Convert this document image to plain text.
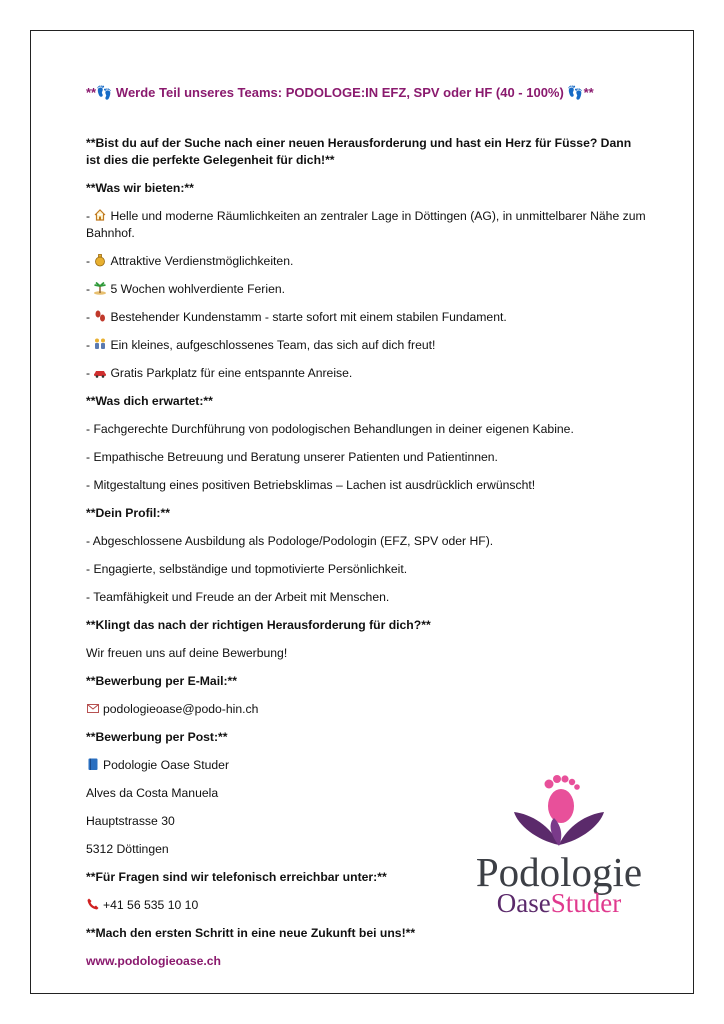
**👣 Werde Teil unseres Teams: PODOLOGE:IN EFZ, SPV oder HF (40 - 100%) 👣**
**Bist du auf der Suche nach einer neuen Herausforderung und hast ein Herz für Füsse? Dann ist dies die perfekte Gelegenheit für dich!**
**Was wir bieten:**
- Helle und moderne Räumlichkeiten an zentraler Lage in Döttingen (AG), in unmittelbarer Nähe zum Bahnhof.
- Attraktive Verdienstmöglichkeiten.
- 5 Wochen wohlverdiente Ferien.
- Bestehender Kundenstamm - starte sofort mit einem stabilen Fundament.
- Ein kleines, aufgeschlossenes Team, das sich auf dich freut!
- Gratis Parkplatz für eine entspannte Anreise.
**Was dich erwartet:**
- Fachgerechte Durchführung von podologischen Behandlungen in deiner eigenen Kabine.
- Empathische Betreuung und Beratung unserer Patienten und Patientinnen.
- Mitgestaltung eines positiven Betriebsklimas – Lachen ist ausdrücklich erwünscht!
**Dein Profil:**
- Abgeschlossene Ausbildung als Podologe/Podologin (EFZ, SPV oder HF).
- Engagierte, selbständige und topmotivierte Persönlichkeit.
- Teamfähigkeit und Freude an der Arbeit mit Menschen.
**Klingt das nach der richtigen Herausforderung für dich?**
Wir freuen uns auf deine Bewerbung!
**Bewerbung per E-Mail:**
podologieoase@podo-hin.ch
**Bewerbung per Post:**
Podologie Oase Studer
Alves da Costa Manuela
Hauptstrasse 30
5312 Döttingen
**Für Fragen sind wir telefonisch erreichbar unter:**
+41 56 535 10 10
**Mach den ersten Schritt in eine neue Zukunft bei uns!**
www.podologieoase.ch
Podologie
OaseStuder
